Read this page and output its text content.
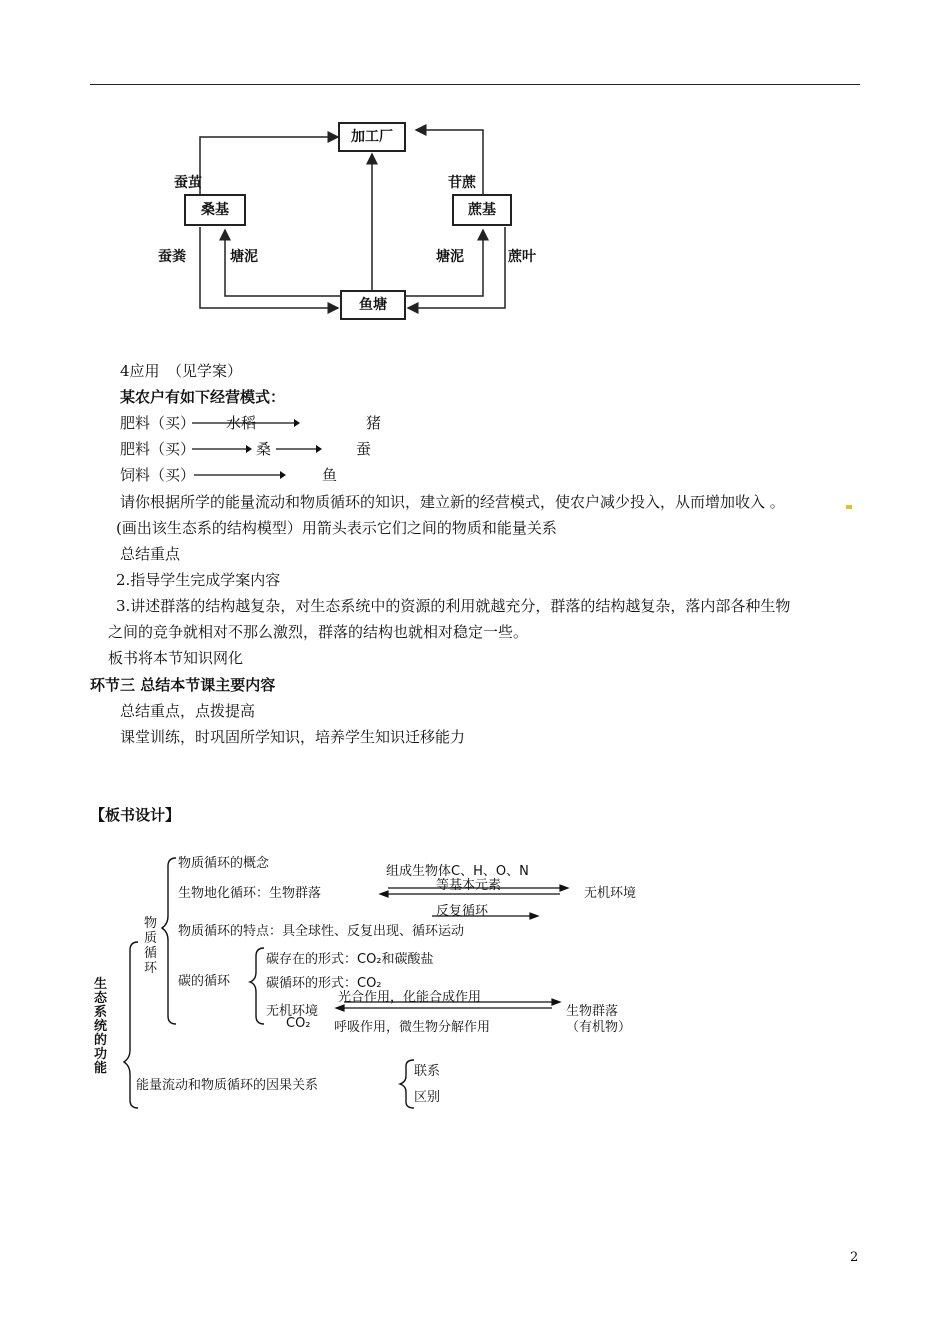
加工厂
桑基	蔗基
鱼塘
蚕茧	苷蔗
蚕粪	塘泥	塘泥	蔗叶
4应用　（见学案）
某农户有如下经营模式：
肥料（买） 水稻	猪
肥料（买）	桑	蚕
饲料（买）	鱼
请你根据所学的能量流动和物质循环的知识，建立新的经营模式，使农户减少投入，从而增加收入 。
(画出该生态系的结构模型）用箭头表示它们之间的物质和能量关系
总结重点
2.指导学生完成学案内容
3.讲述群落的结构越复杂，对生态系统中的资源的利用就越充分，群落的结构越复杂，落内部各种生物
之间的竞争就相对不那么激烈，群落的结构也就相对稳定一些。
板书将本节知识网化
环节三 总结本节课主要内容
总结重点，点拨提高
课堂训练，时巩固所学知识，培养学生知识迁移能力
【板书设计】
生态系统的功能
物质循环
物质循环的概念
组成生物体C、H、O、N
等基本元素
生物地化循环：生物群落	无机环境
反复循环
物质循环的特点：具全球性、反复出现、循环运动
碳的循环
碳存在的形式：CO₂和碳酸盐
碳循环的形式：CO₂
光合作用，化能合成作用
无机环境	生物群落
CO₂ 呼吸作用，微生物分解作用	（有机物）
能量流动和物质循环的因果关系
联系
区别
2
